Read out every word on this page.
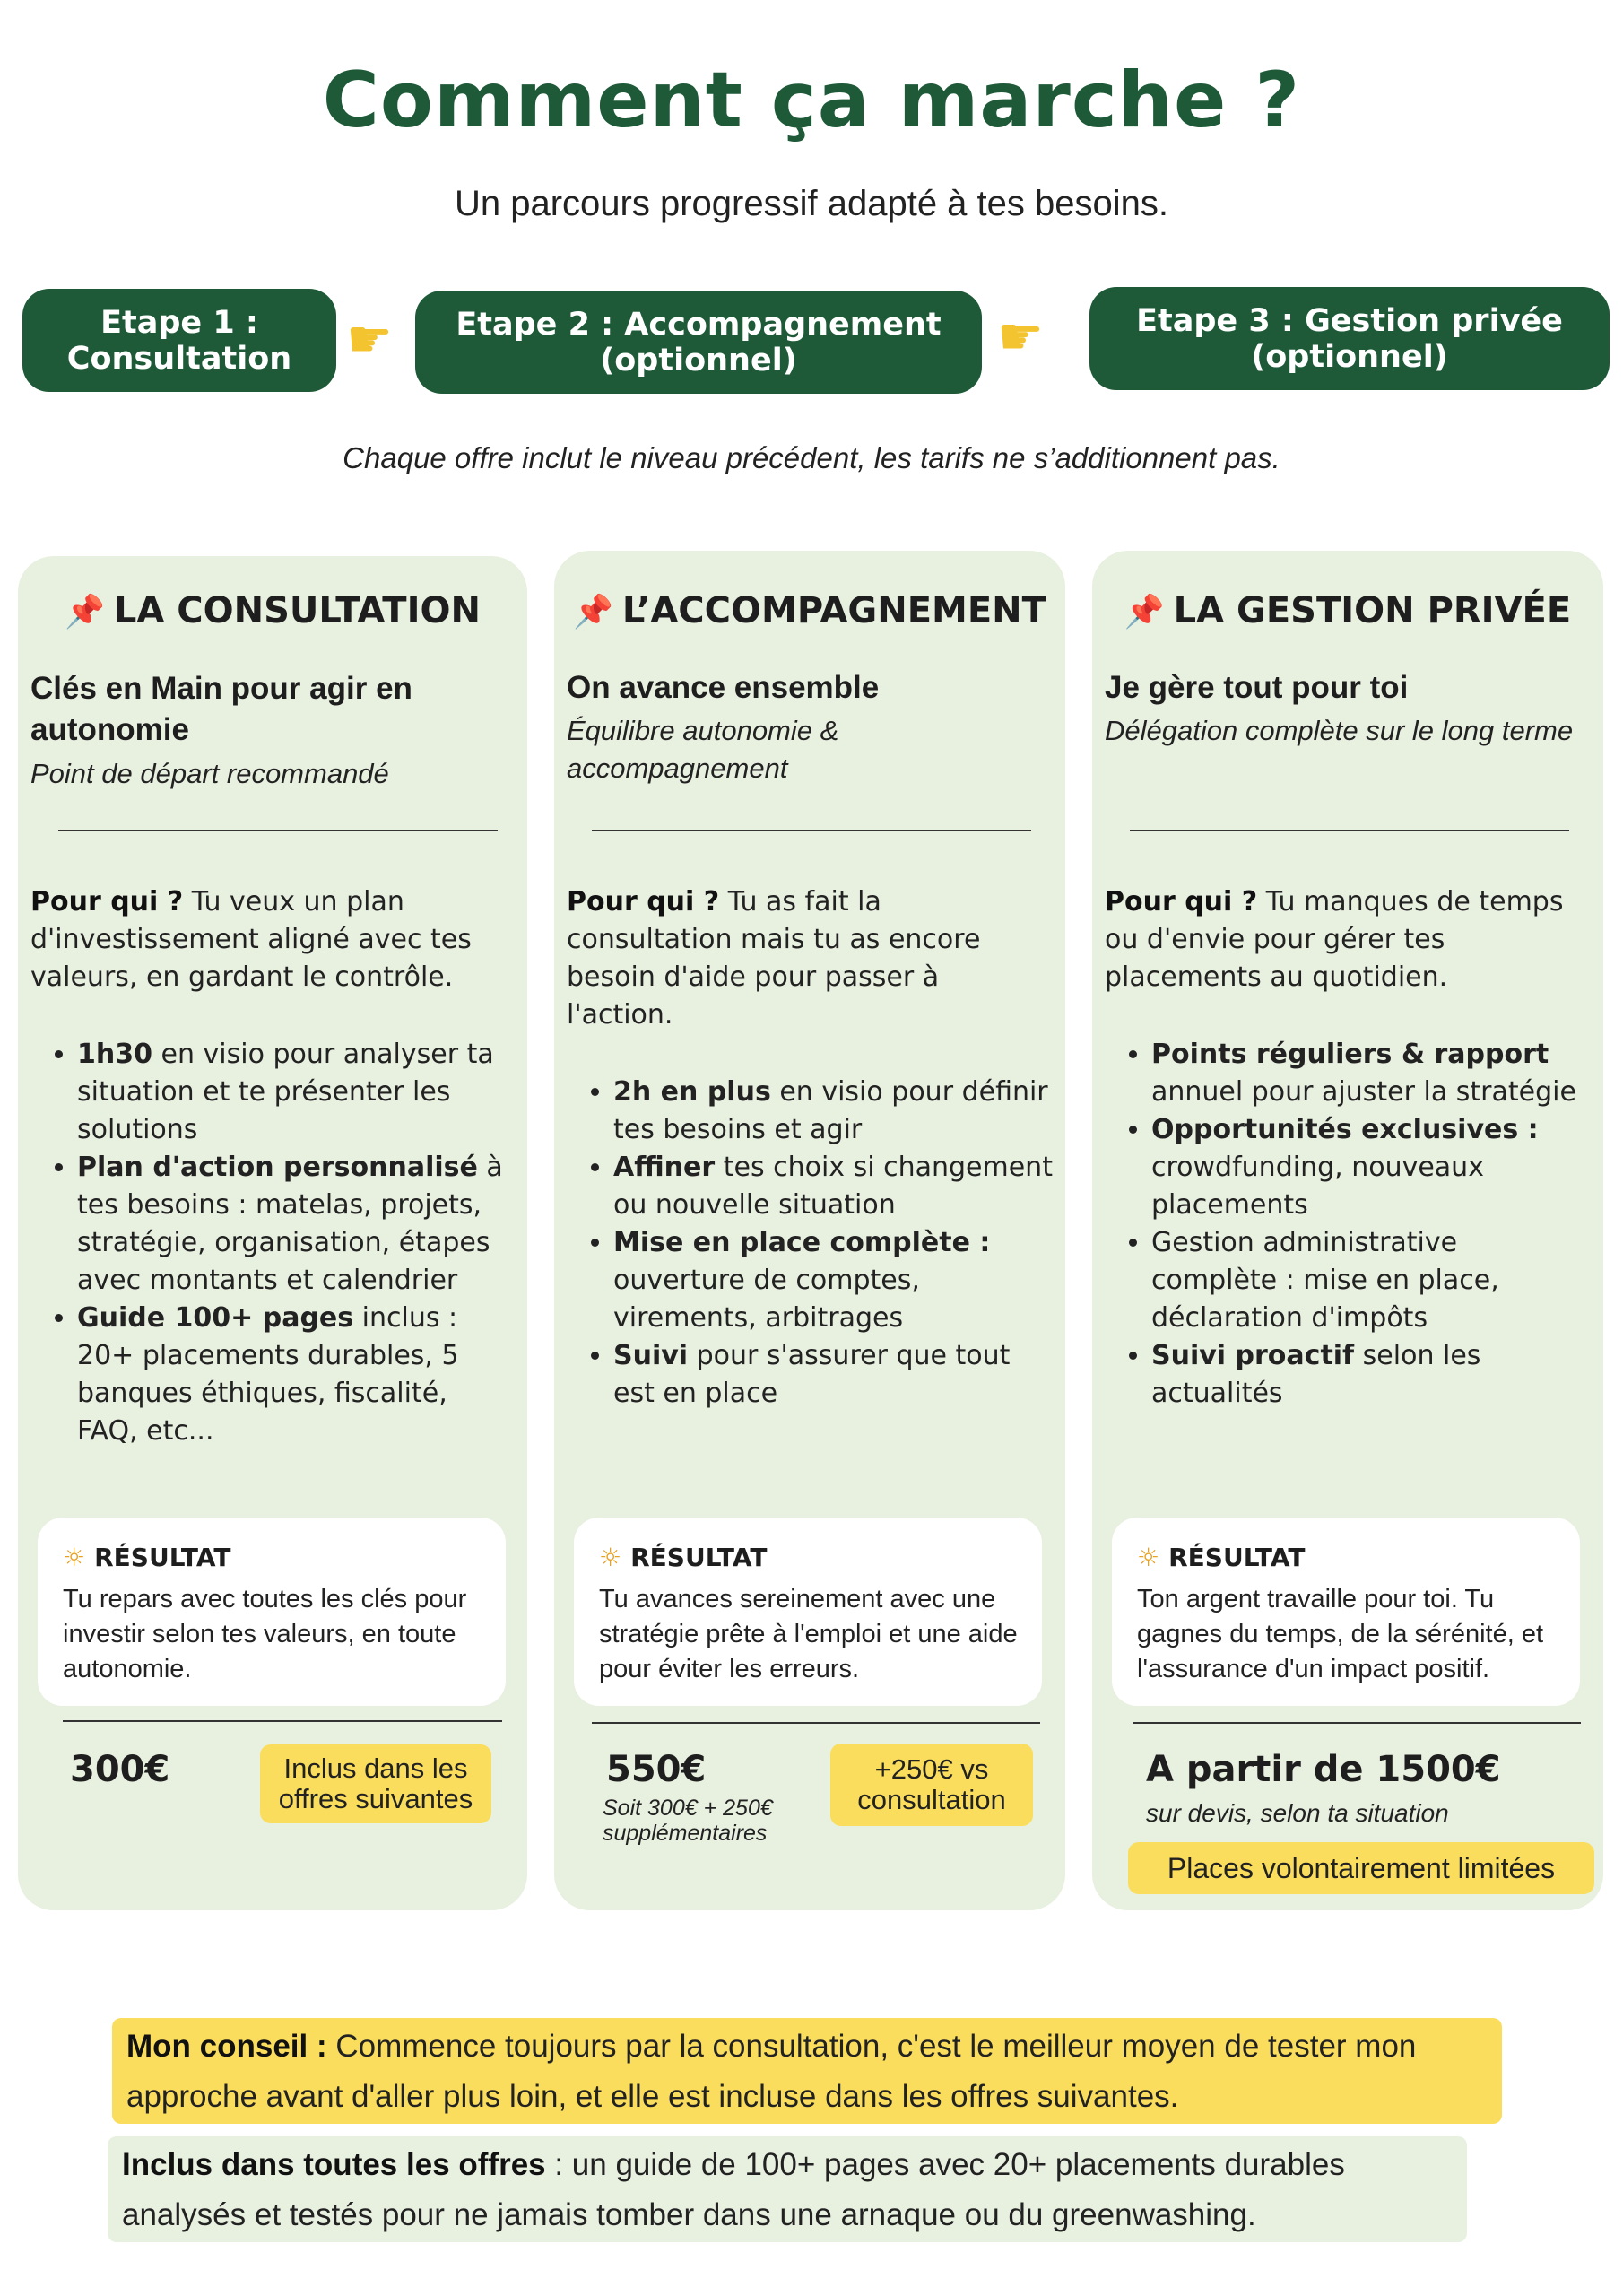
Comment ça marche ?
Un parcours progressif adapté à tes besoins.
Etape 1 :
Consultation	☛	Etape 2 : Accompagnement
(optionnel)	☛	Etape 3 : Gestion privée
(optionnel)
Chaque offre inclut le niveau précédent, les tarifs ne s’additionnent pas.
📌 LA CONSULTATION
Clés en Main pour agir en autonomie
Point de départ recommandé
Pour qui ? Tu veux un plan d'investissement aligné avec tes valeurs, en gardant le contrôle.
• 1h30 en visio pour analyser ta situation et te présenter les solutions
• Plan d'action personnalisé à tes besoins : matelas, projets, stratégie, organisation, étapes avec montants et calendrier
• Guide 100+ pages inclus : 20+ placements durables, 5 banques éthiques, fiscalité, FAQ, etc...
☼ RÉSULTAT
Tu repars avec toutes les clés pour investir selon tes valeurs, en toute autonomie.
300€	Inclus dans les offres suivantes
📌 L’ACCOMPAGNEMENT
On avance ensemble
Équilibre autonomie & accompagnement
Pour qui ? Tu as fait la consultation mais tu as encore besoin d'aide pour passer à l'action.
• 2h en plus en visio pour définir tes besoins et agir
• Affiner tes choix si changement ou nouvelle situation
• Mise en place complète : ouverture de comptes, virements, arbitrages
• Suivi pour s'assurer que tout est en place
☼ RÉSULTAT
Tu avances sereinement avec une stratégie prête à l'emploi et une aide pour éviter les erreurs.
550€
Soit 300€ + 250€ supplémentaires
+250€ vs consultation
📌 LA GESTION PRIVÉE
Je gère tout pour toi
Délégation complète sur le long terme
Pour qui ? Tu manques de temps ou d'envie pour gérer tes placements au quotidien.
• Points réguliers & rapport annuel pour ajuster la stratégie
• Opportunités exclusives : crowdfunding, nouveaux placements
• Gestion administrative complète : mise en place, déclaration d'impôts
• Suivi proactif selon les actualités
☼ RÉSULTAT
Ton argent travaille pour toi. Tu gagnes du temps, de la sérénité, et l'assurance d'un impact positif.
A partir de 1500€
sur devis, selon ta situation
Places volontairement limitées
Mon conseil : Commence toujours par la consultation, c'est le meilleur moyen de tester mon approche avant d'aller plus loin, et elle est incluse dans les offres suivantes.
Inclus dans toutes les offres : un guide de 100+ pages avec 20+ placements durables analysés et testés pour ne jamais tomber dans une arnaque ou du greenwashing.
